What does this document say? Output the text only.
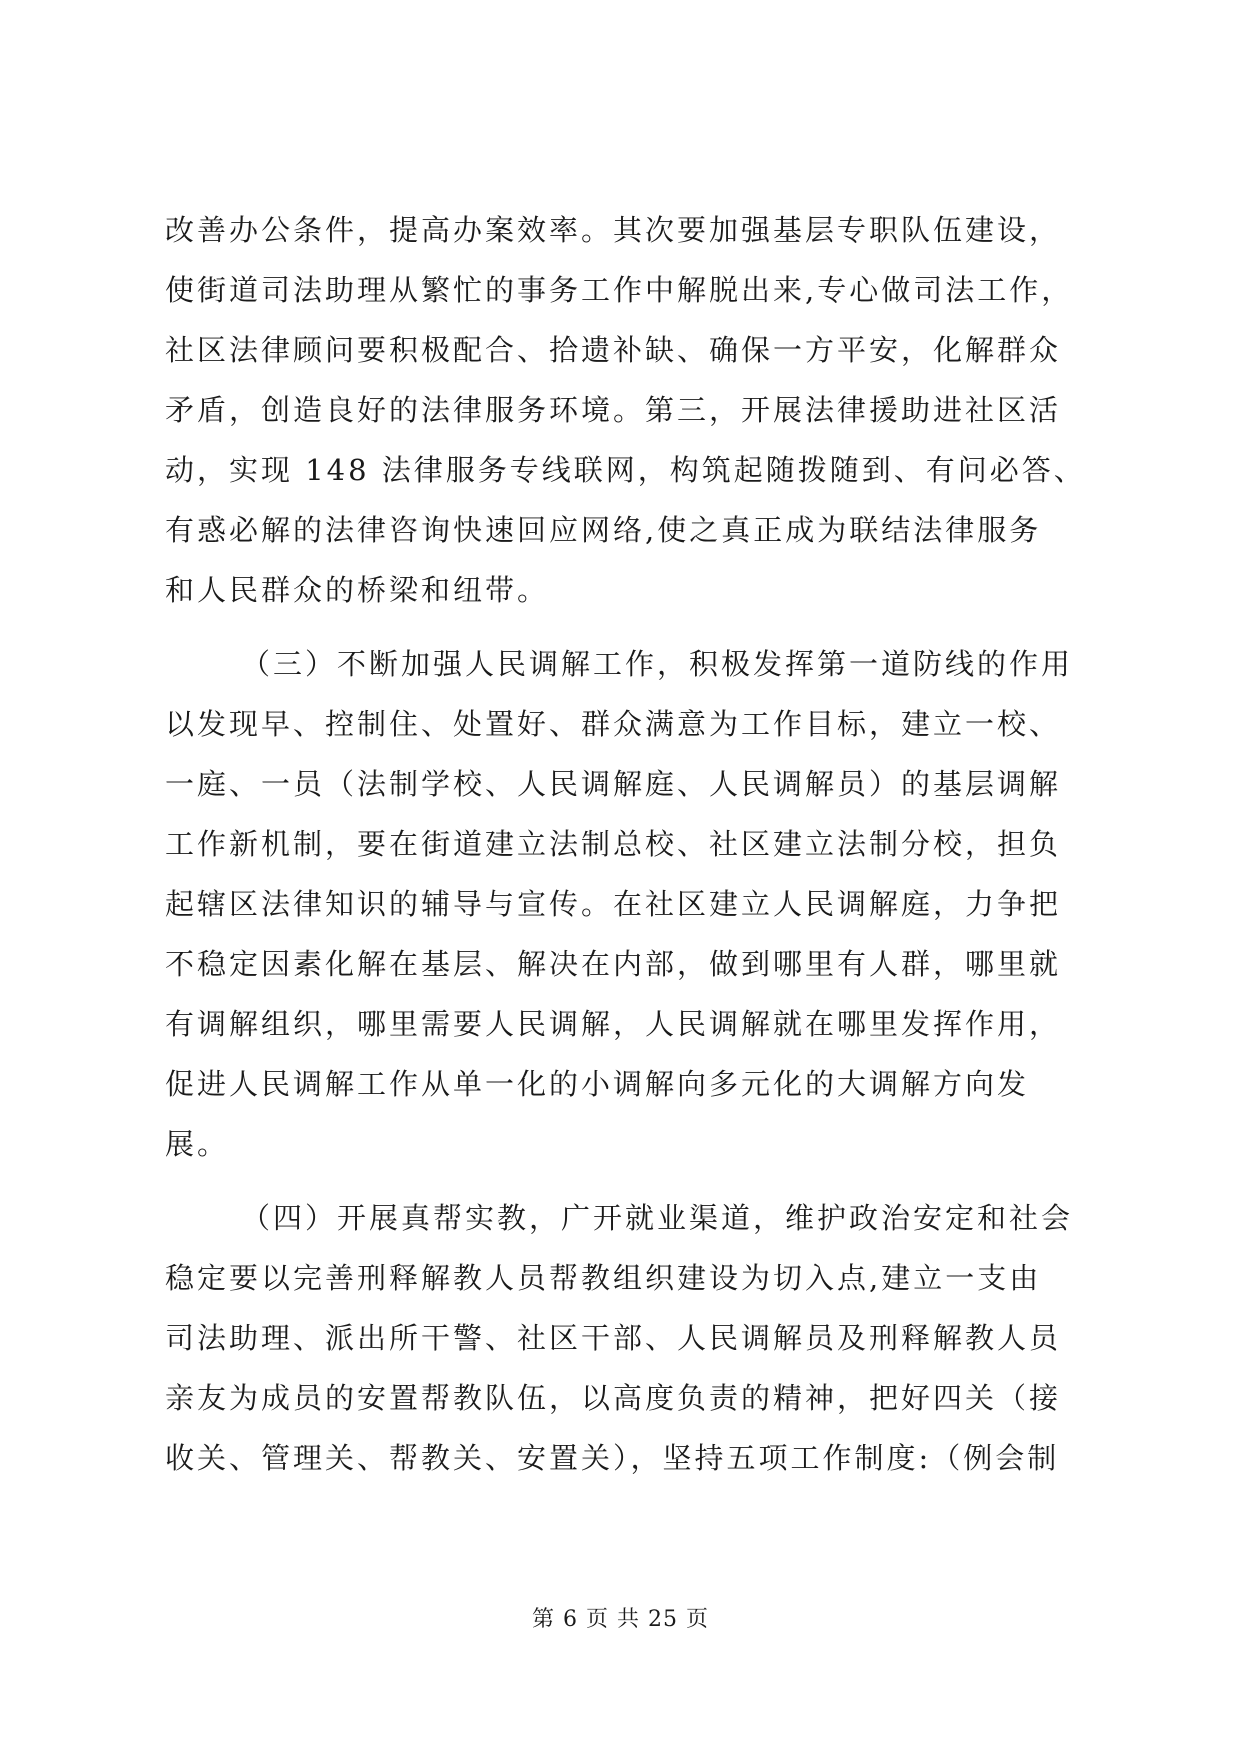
改善办公条件，提高办案效率。其次要加强基层专职队伍建设，
使街道司法助理从繁忙的事务工作中解脱出来,专心做司法工作，
社区法律顾问要积极配合、拾遗补缺、确保一方平安，化解群众
矛盾，创造良好的法律服务环境。第三，开展法律援助进社区活
动，实现 148 法律服务专线联网，构筑起随拨随到、有问必答、
有惑必解的法律咨询快速回应网络,使之真正成为联结法律服务
和人民群众的桥梁和纽带。
（三）不断加强人民调解工作，积极发挥第一道防线的作用
以发现早、控制住、处置好、群众满意为工作目标，建立一校、
一庭、一员（法制学校、人民调解庭、人民调解员）的基层调解
工作新机制，要在街道建立法制总校、社区建立法制分校，担负
起辖区法律知识的辅导与宣传。在社区建立人民调解庭，力争把
不稳定因素化解在基层、解决在内部，做到哪里有人群，哪里就
有调解组织，哪里需要人民调解，人民调解就在哪里发挥作用，
促进人民调解工作从单一化的小调解向多元化的大调解方向发
展。
（四）开展真帮实教，广开就业渠道，维护政治安定和社会
稳定要以完善刑释解教人员帮教组织建设为切入点,建立一支由
司法助理、派出所干警、社区干部、人民调解员及刑释解教人员
亲友为成员的安置帮教队伍，以高度负责的精神，把好四关（接
收关、管理关、帮教关、安置关），坚持五项工作制度:（例会制
第 6 页 共 25 页
